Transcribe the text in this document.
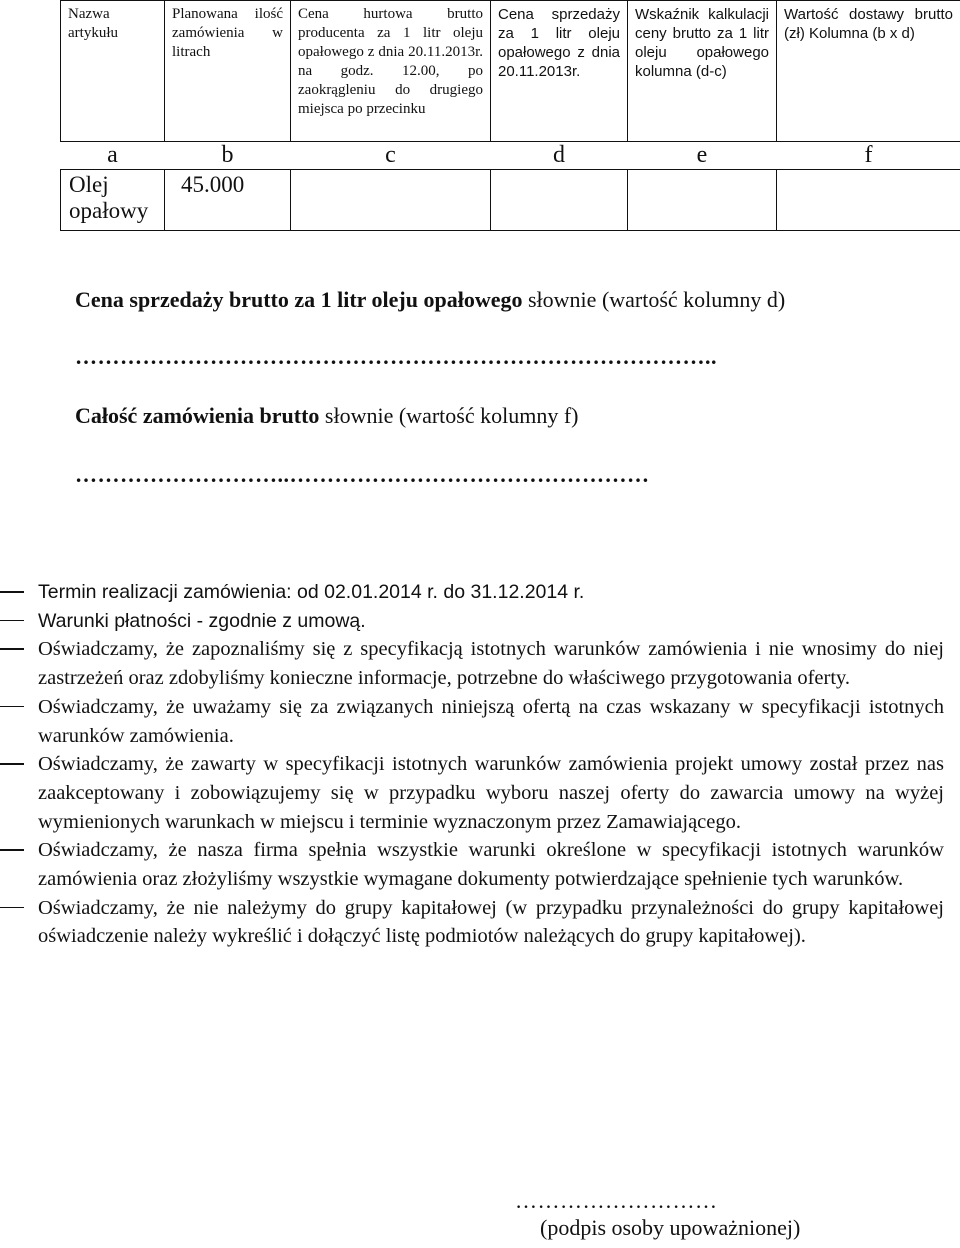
Nazwa artykułu	Planowana ilość zamówienia w litrach	Cena hurtowa brutto producenta za 1 litr oleju opałowego z dnia 20.11.2013r. na godz. 12.00, po zaokrągleniu do drugiego miejsca po przecinku	Cena sprzedaży za 1 litr oleju opałowego z dnia 20.11.2013r.	Wskaźnik kalkulacji ceny brutto za 1 litr oleju opałowego kolumna (d-c)	Wartość dostawy brutto (zł) Kolumna (b x d)
a	b	c	d	e	f
Olej opałowy	45.000				
Cena sprzedaży brutto za 1 litr oleju opałowego słownie (wartość kolumny d)
…………………………………………………………………………..
Całość zamówienia brutto słownie (wartość kolumny f)
………………………..…………………………………………
Termin realizacji zamówienia: od 02.01.2014 r. do 31.12.2014 r.
Warunki płatności - zgodnie z umową.
Oświadczamy, że zapoznaliśmy się z specyfikacją istotnych warunków zamówienia i nie wnosimy do niej zastrzeżeń oraz zdobyliśmy konieczne informacje, potrzebne do właściwego przygotowania oferty.
Oświadczamy, że uważamy się za związanych niniejszą ofertą na czas wskazany w specyfikacji istotnych warunków zamówienia.
Oświadczamy, że zawarty w specyfikacji istotnych warunków zamówienia projekt umowy został przez nas zaakceptowany i zobowiązujemy się w przypadku wyboru naszej oferty do zawarcia umowy na wyżej wymienionych warunkach w miejscu i terminie wyznaczonym przez Zamawiającego.
Oświadczamy, że nasza firma spełnia wszystkie warunki określone w specyfikacji istotnych warunków zamówienia oraz złożyliśmy wszystkie wymagane dokumenty potwierdzające spełnienie tych warunków.
Oświadczamy, że nie należymy do grupy kapitałowej (w przypadku przynależności do grupy kapitałowej oświadczenie należy wykreślić i dołączyć listę podmiotów należących do grupy kapitałowej).
………………………
(podpis osoby upoważnionej)
